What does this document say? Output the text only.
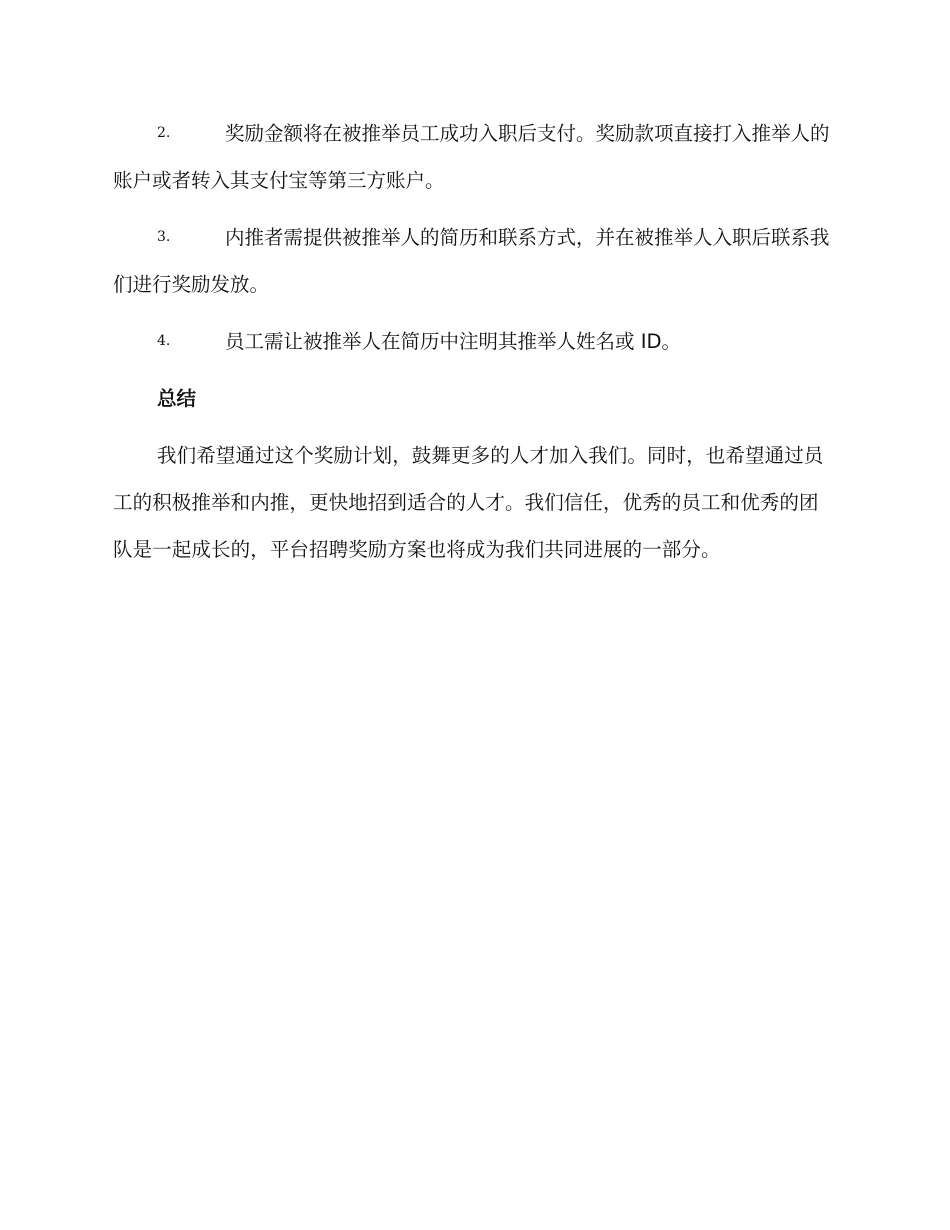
2.	奖励金额将在被推举员工成功入职后支付。奖励款项直接打入推举人的账户或者转入其支付宝等第三方账户。
3.	内推者需提供被推举人的简历和联系方式，并在被推举人入职后联系我们进行奖励发放。
4.	员工需让被推举人在简历中注明其推举人姓名或 ID。
总结

我们希望通过这个奖励计划，鼓舞更多的人才加入我们。同时，也希望通过员工的积极推举和内推，更快地招到适合的人才。我们信任，优秀的员工和优秀的团队是一起成长的，平台招聘奖励方案也将成为我们共同进展的一部分。
